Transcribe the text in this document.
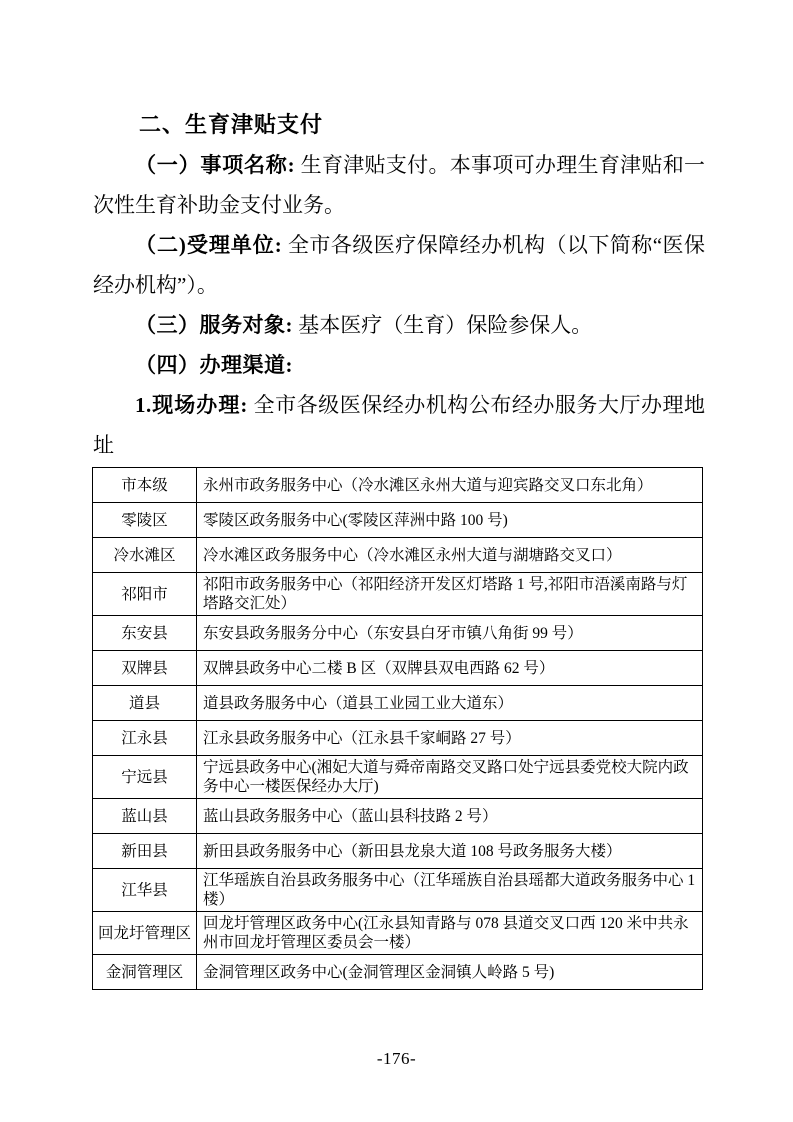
二、生育津贴支付

（一）事项名称: 生育津贴支付。本事项可办理生育津贴和一次性生育补助金支付业务。

（二)受理单位: 全市各级医疗保障经办机构（以下简称“医保经办机构”）。

（三）服务对象: 基本医疗（生育）保险参保人。

（四）办理渠道:

1.现场办理: 全市各级医保经办机构公布经办服务大厅办理地址

市本级	永州市政务服务中心（冷水滩区永州大道与迎宾路交叉口东北角）
零陵区	零陵区政务服务中心(零陵区萍洲中路 100 号)
冷水滩区	冷水滩区政务服务中心（冷水滩区永州大道与湖塘路交叉口）
祁阳市	祁阳市政务服务中心（祁阳经济开发区灯塔路 1 号,祁阳市浯溪南路与灯塔路交汇处）
东安县	东安县政务服务分中心（东安县白牙市镇八角街 99 号）
双牌县	双牌县政务中心二楼 B 区（双牌县双电西路 62 号）
道县	道县政务服务中心（道县工业园工业大道东）
江永县	江永县政务服务中心（江永县千家峒路 27 号）
宁远县	宁远县政务中心(湘妃大道与舜帝南路交叉路口处宁远县委党校大院内政务中心一楼医保经办大厅)
蓝山县	蓝山县政务服务中心（蓝山县科技路 2 号）
新田县	新田县政务服务中心（新田县龙泉大道 108 号政务服务大楼）
江华县	江华瑶族自治县政务服务中心（江华瑶族自治县瑶都大道政务服务中心 1 楼）
回龙圩管理区	回龙圩管理区政务中心(江永县知青路与 078 县道交叉口西 120 米中共永州市回龙圩管理区委员会一楼）
金洞管理区	金洞管理区政务中心(金洞管理区金洞镇人岭路 5 号)
-176-
